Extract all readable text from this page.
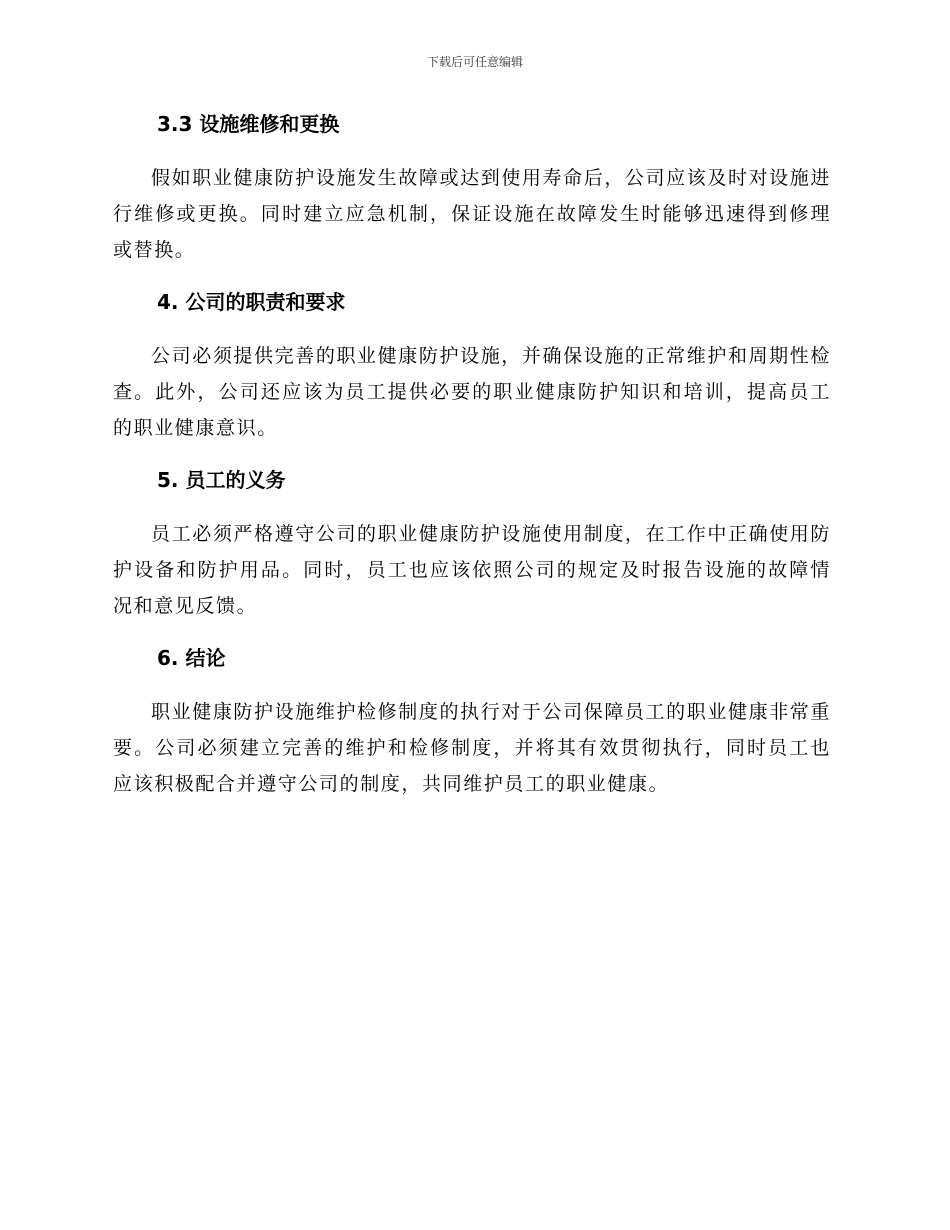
下载后可任意编辑
3.3 设施维修和更换

假如职业健康防护设施发生故障或达到使用寿命后，公司应该及时对设施进行维修或更换。同时建立应急机制，保证设施在故障发生时能够迅速得到修理或替换。

4. 公司的职责和要求

公司必须提供完善的职业健康防护设施，并确保设施的正常维护和周期性检查。此外，公司还应该为员工提供必要的职业健康防护知识和培训，提高员工的职业健康意识。

5. 员工的义务

员工必须严格遵守公司的职业健康防护设施使用制度，在工作中正确使用防护设备和防护用品。同时，员工也应该依照公司的规定及时报告设施的故障情况和意见反馈。

6. 结论

职业健康防护设施维护检修制度的执行对于公司保障员工的职业健康非常重要。公司必须建立完善的维护和检修制度，并将其有效贯彻执行，同时员工也应该积极配合并遵守公司的制度，共同维护员工的职业健康。
